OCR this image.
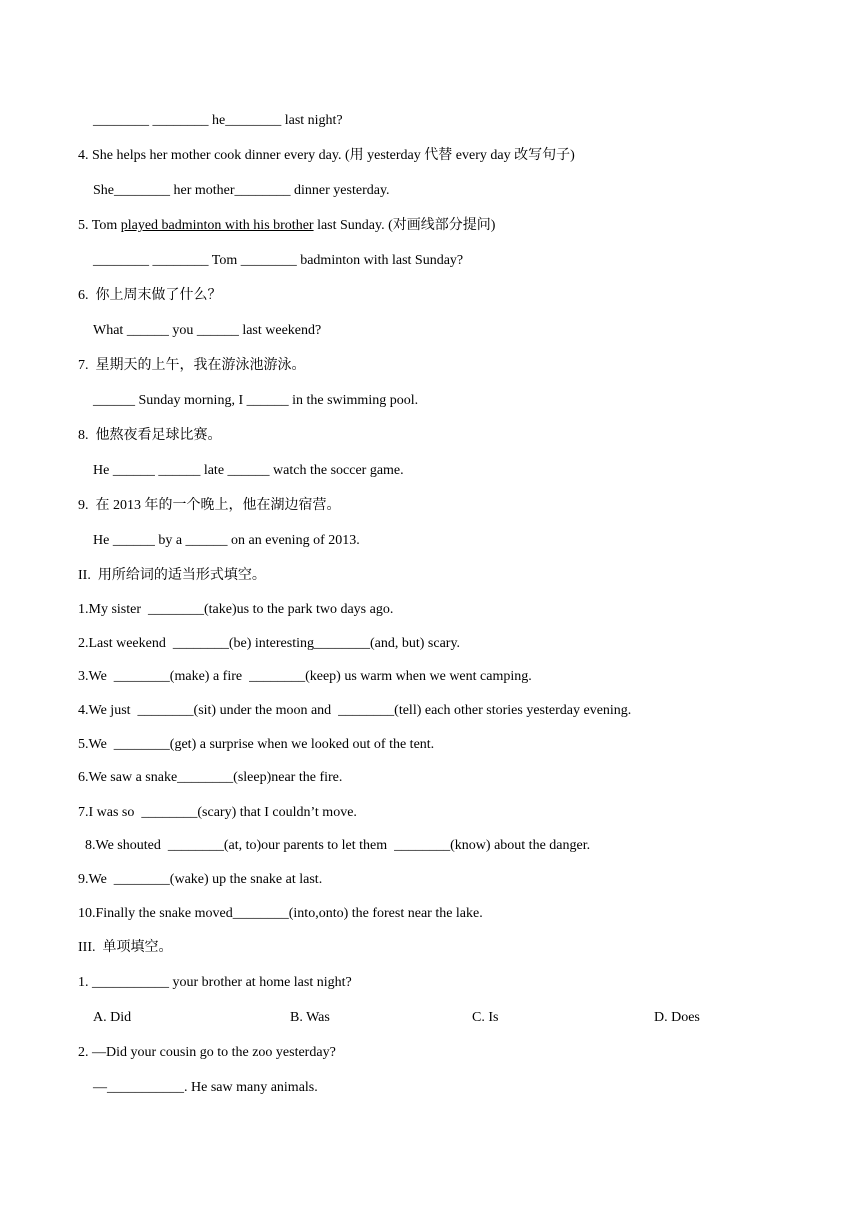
________ ________ he________ last night?
4. She helps her mother cook dinner every day. (用 yesterday 代替 every day 改写句子)
She________ her mother________ dinner yesterday.
5. Tom played badminton with his brother last Sunday. (对画线部分提问)
________ ________ Tom ________ badminton with last Sunday?
6.  你上周末做了什么？
What ______ you ______ last weekend?
7.  星期天的上午，我在游泳池游泳。
______ Sunday morning, I ______ in the swimming pool.
8.  他熬夜看足球比赛。
He ______ ______ late ______ watch the soccer game.
9.  在 2013 年的一个晚上，他在湖边宿营。
He ______ by a ______ on an evening of 2013.
II.  用所给词的适当形式填空。
1.My sister  ________(take)us to the park two days ago.
2.Last weekend  ________(be) interesting________(and, but) scary.
3.We  ________(make) a fire  ________(keep) us warm when we went camping.
4.We just  ________(sit) under the moon and  ________(tell) each other stories yesterday evening.
5.We  ________(get) a surprise when we looked out of the tent.
6.We saw a snake________(sleep)near the fire.
7.I was so  ________(scary) that I couldn’t move.
8.We shouted  ________(at, to)our parents to let them  ________(know) about the danger.
9.We  ________(wake) up the snake at last.
10.Finally the snake moved________(into,onto) the forest near the lake.
III.  单项填空。
1. ___________ your brother at home last night?
A. Did	B. Was	C. Is	D. Does
2. —Did your cousin go to the zoo yesterday?
—___________. He saw many animals.
